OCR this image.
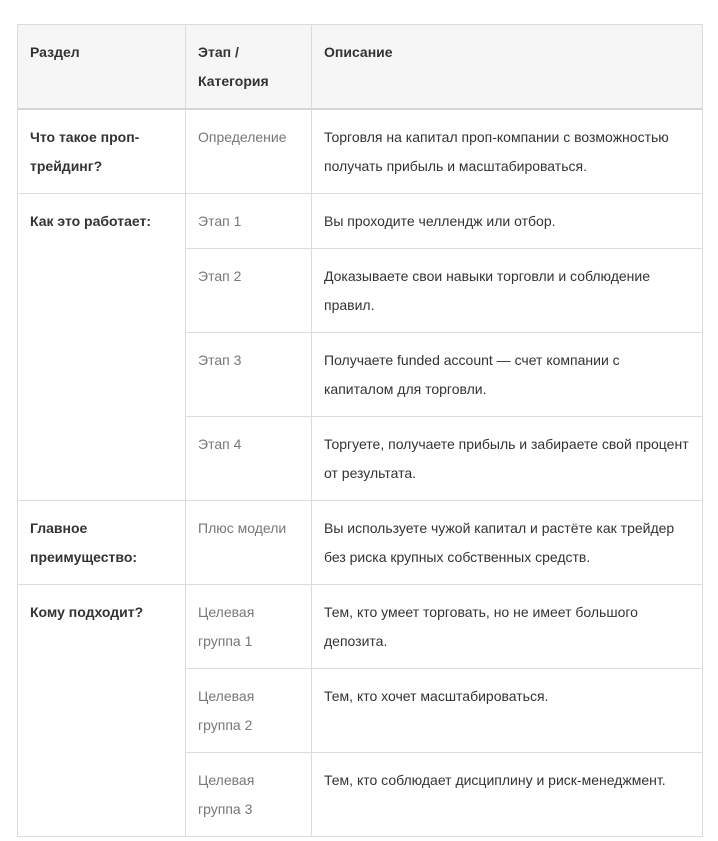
Раздел	Этап / Категория	Описание
Что такое проп-трейдинг?	Определение	Торговля на капитал проп-компании с возможностью получать прибыль и масштабироваться.
Как это работает:	Этап 1	Вы проходите челлендж или отбор.
	Этап 2	Доказываете свои навыки торговли и соблюдение правил.
	Этап 3	Получаете funded account — счет компании с капиталом для торговли.
	Этап 4	Торгуете, получаете прибыль и забираете свой процент от результата.
Главное преимущество:	Плюс модели	Вы используете чужой капитал и растёте как трейдер без риска крупных собственных средств.
Кому подходит?	Целевая группа 1	Тем, кто умеет торговать, но не имеет большого депозита.
	Целевая группа 2	Тем, кто хочет масштабироваться.
	Целевая группа 3	Тем, кто соблюдает дисциплину и риск-менеджмент.
